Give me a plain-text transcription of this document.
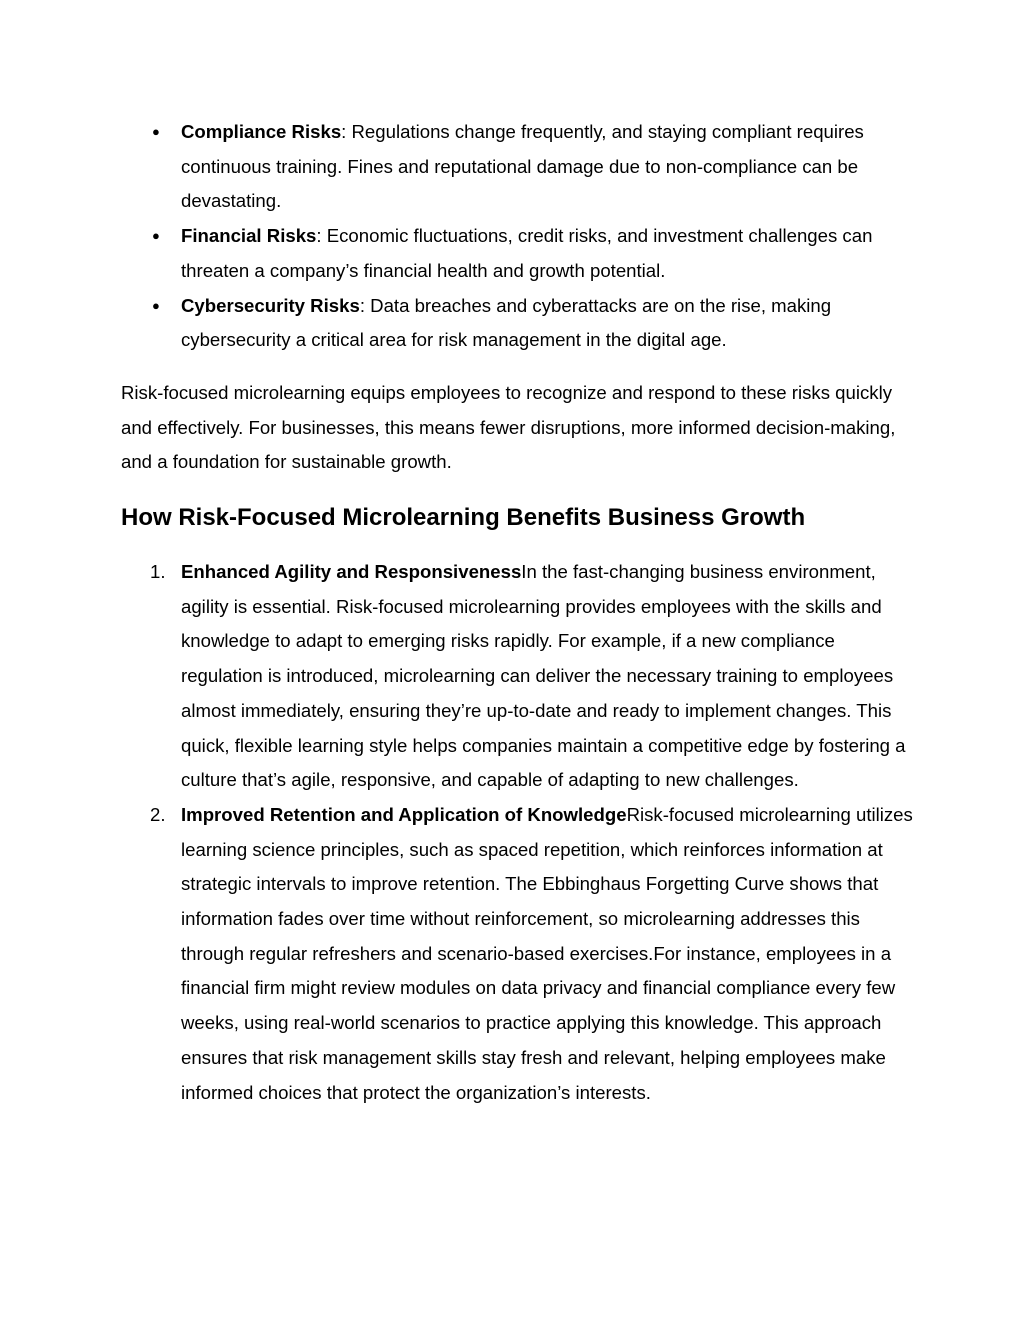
●	Compliance Risks: Regulations change frequently, and staying compliant requires continuous training. Fines and reputational damage due to non-compliance can be devastating.
●	Financial Risks: Economic fluctuations, credit risks, and investment challenges can threaten a company’s financial health and growth potential.
●	Cybersecurity Risks: Data breaches and cyberattacks are on the rise, making cybersecurity a critical area for risk management in the digital age.

Risk-focused microlearning equips employees to recognize and respond to these risks quickly and effectively. For businesses, this means fewer disruptions, more informed decision-making, and a foundation for sustainable growth.

How Risk-Focused Microlearning Benefits Business Growth
1. Enhanced Agility and ResponsivenessIn the fast-changing business environment, agility is essential. Risk-focused microlearning provides employees with the skills and knowledge to adapt to emerging risks rapidly. For example, if a new compliance regulation is introduced, microlearning can deliver the necessary training to employees almost immediately, ensuring they’re up-to-date and ready to implement changes. This quick, flexible learning style helps companies maintain a competitive edge by fostering a culture that’s agile, responsive, and capable of adapting to new challenges.
2. Improved Retention and Application of KnowledgeRisk-focused microlearning utilizes learning science principles, such as spaced repetition, which reinforces information at strategic intervals to improve retention. The Ebbinghaus Forgetting Curve shows that information fades over time without reinforcement, so microlearning addresses this through regular refreshers and scenario-based exercises.For instance, employees in a financial firm might review modules on data privacy and financial compliance every few weeks, using real-world scenarios to practice applying this knowledge. This approach ensures that risk management skills stay fresh and relevant, helping employees make informed choices that protect the organization’s interests.
